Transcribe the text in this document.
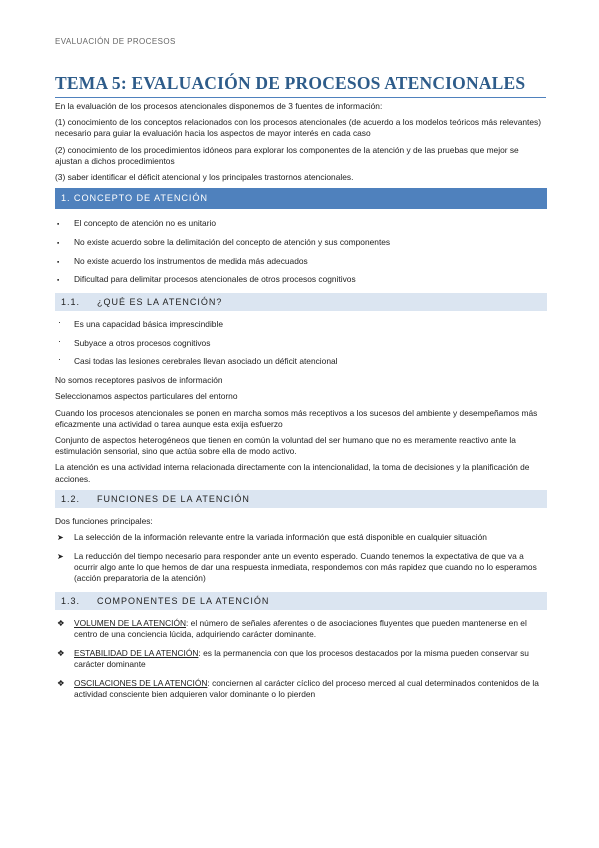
EVALUACIÓN DE PROCESOS
TEMA 5: EVALUACIÓN DE PROCESOS ATENCIONALES

En la evaluación de los procesos atencionales disponemos de 3 fuentes de información:

(1) conocimiento de los conceptos relacionados con los procesos atencionales (de acuerdo a los modelos teóricos más relevantes) necesario para guiar la evaluación hacia los aspectos de mayor interés en cada caso

(2) conocimiento de los procedimientos idóneos para explorar los componentes de la atención y de las pruebas que mejor se ajustan a dichos procedimientos

(3) saber identificar el déficit atencional y los principales trastornos atencionales.

1. CONCEPTO DE ATENCIÓN
▪ El concepto de atención no es unitario
▪ No existe acuerdo sobre la delimitación del concepto de atención y sus componentes
▪ No existe acuerdo los instrumentos de medida más adecuados
▪ Dificultad para delimitar procesos atencionales de otros procesos cognitivos
1.1. ¿QUÉ ES LA ATENCIÓN?
· Es una capacidad básica imprescindible
· Subyace a otros procesos cognitivos
· Casi todas las lesiones cerebrales llevan asociado un déficit atencional

No somos receptores pasivos de información

Seleccionamos aspectos particulares del entorno

Cuando los procesos atencionales se ponen en marcha somos más receptivos a los sucesos del ambiente y desempeñamos más eficazmente una actividad o tarea aunque esta exija esfuerzo

Conjunto de aspectos heterogéneos que tienen en común la voluntad del ser humano que no es meramente reactivo ante la estimulación sensorial, sino que actúa sobre ella de modo activo.

La atención es una actividad interna relacionada directamente con la intencionalidad, la toma de decisiones y la planificación de acciones.

1.2. FUNCIONES DE LA ATENCIÓN

Dos funciones principales:

➤ La selección de la información relevante entre la variada información que está disponible en cualquier situación
➤ La reducción del tiempo necesario para responder ante un evento esperado. Cuando tenemos la expectativa de que va a ocurrir algo ante lo que hemos de dar una respuesta inmediata, respondemos con más rapidez que cuando no lo esperamos (acción preparatoria de la atención)
1.3. COMPONENTES DE LA ATENCIÓN
❖ VOLUMEN DE LA ATENCIÓN: el número de señales aferentes o de asociaciones fluyentes que pueden mantenerse en el centro de una conciencia lúcida, adquiriendo carácter dominante.
❖ ESTABILIDAD DE LA ATENCIÓN: es la permanencia con que los procesos destacados por la misma pueden conservar su carácter dominante
❖ OSCILACIONES DE LA ATENCIÓN: conciernen al carácter cíclico del proceso merced al cual determinados contenidos de la actividad consciente bien adquieren valor dominante o lo pierden
